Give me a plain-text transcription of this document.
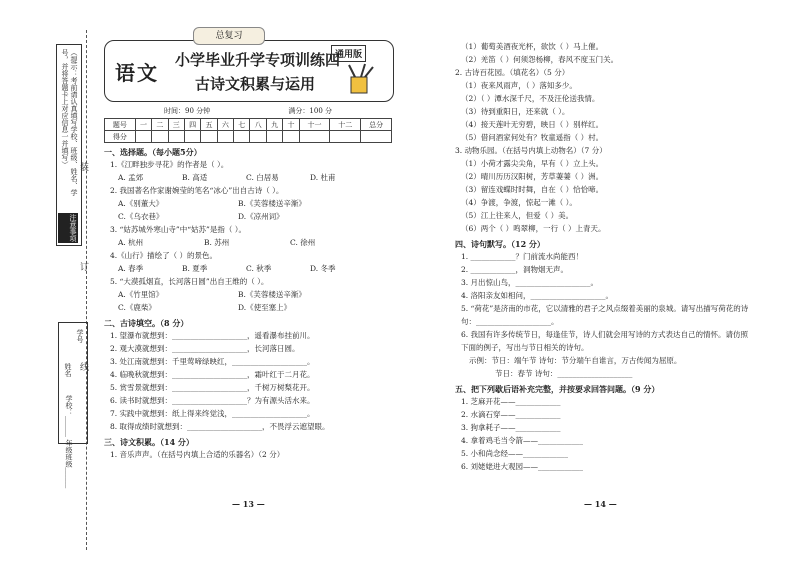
（提示：考前请认真填写学校、班级、姓名、学号，并将答题卡上对应信息一并填写）
注意事项
装
订
线
学号
姓名
学校：______ 年级班级______
总复习
语文
小学毕业升学专项训练四
古诗文积累与运用
通用版
时间：90 分钟	满分：100 分
题号	一	二	三	四	五	六	七	八	九	十	十一	十二	总分
得分													
一、选择题。（每小题5分）
1.《江畔独步寻花》的作者是（ ）。
A. 孟郊	B. 高适	C. 白居易	D. 杜甫
2. 我国著名作家谢婉莹的笔名“冰心”出自古诗（ ）。
A.《别董大》	B.《芙蓉楼送辛渐》
C.《乌衣巷》	D.《凉州词》
3. “姑苏城外寒山寺”中“姑苏”是指（ ）。
A. 杭州	B. 苏州	C. 徐州
4.《山行》描绘了（ ）的景色。
A. 春季	B. 夏季	C. 秋季	D. 冬季
5. “大漠孤烟直，长河落日圆”出自王维的（ ）。
A.《竹里馆》	B.《芙蓉楼送辛渐》
C.《鹿柴》	D.《使至塞上》
二、古诗填空。（8 分）
1. 望瀑布就想到：____________________，遥看瀑布挂前川。
2. 观大漠就想到：____________________，长河落日圆。
3. 处江南就想到：千里莺啼绿映红，____________________。
4. 临晚秋就想到：____________________，霜叶红于二月花。
5. 赏雪景就想到：____________________，千树万树梨花开。
6. 读书时就想到：____________________？为有源头活水来。
7. 实践中就想到：纸上得来终觉浅，____________________。
8. 取得成绩时就想到：____________________，不畏浮云遮望眼。
三、诗文积累。（14 分）
1. 音乐声声。（在括号内填上合适的乐器名）（2 分）
— 13 —
（1）葡萄美酒夜光杯，欲饮（ ）马上催。
（2）羌笛（ ）何须怨杨柳，春风不度玉门关。
2. 古诗百花园。（填花名）（5 分）
（1）夜来风雨声，（ ）落知多少。
（2）（ ）潭水深千尺，不及汪伦送我情。
（3）待到重阳日，还来就（ ）。
（4）接天莲叶无穷碧，映日（ ）别样红。
（5）借问酒家何处有？牧童遥指（ ）村。
3. 动物乐园。（在括号内填上动物名）（7 分）
（1）小荷才露尖尖角，早有（ ）立上头。
（2）晴川历历汉阳树，芳草萋萋（ ）洲。
（3）留连戏蝶时时舞，自在（ ）恰恰啼。
（4）争渡，争渡，惊起一滩（ ）。
（5）江上往来人，但爱（ ）美。
（6）两个（ ）鸣翠柳，一行（ ）上青天。
四、诗句默写。（12 分）
1. ____________？门前流水尚能西！
2. ____________，洞物烟无声。
3. 月出惊山鸟，____________________。
4. 洛阳亲友如相问，____________________。
5. “荷花”是济南的市花，它以清雅的君子之风点缀着美丽的泉城。请写出描写荷花的诗句：____________________。
6. 我国有许多传统节日，每逢佳节，诗人们就会用写诗的方式表达自己的情怀。请仿照下面的例子，写出与节日相关的诗句。
示例：节日：端午节 诗句：节分端午自谁言，万古传闻为屈原。
节日：春节 诗句：____________________
五、把下列歇后语补充完整，并按要求回答问题。（9 分）
1. 芝麻开花——____________
2. 水滴石穿——____________
3. 狗拿耗子——____________
4. 拿着鸡毛当令箭——____________
5. 小和尚念经——____________
6. 刘姥姥进大观园——____________
— 14 —
